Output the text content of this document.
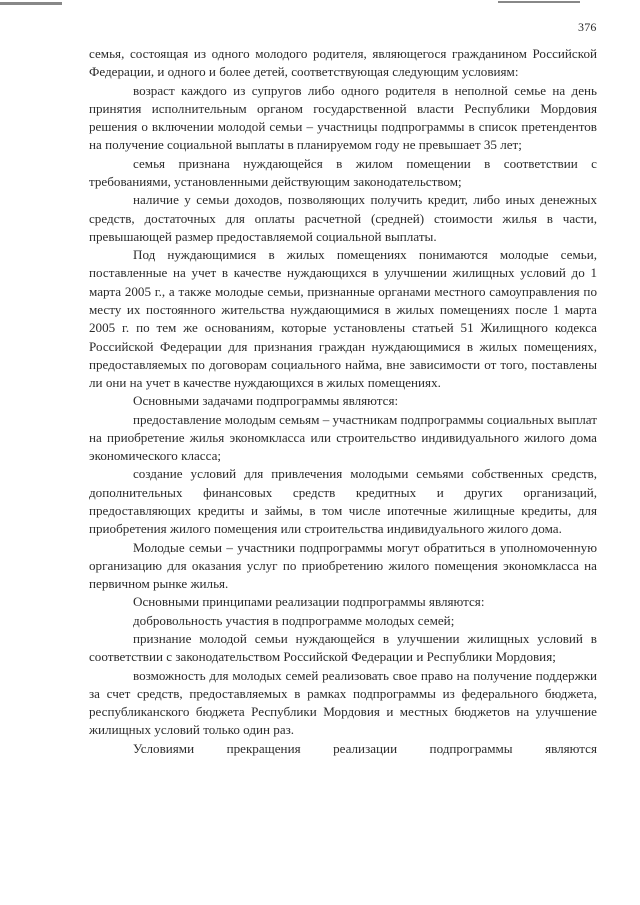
376

семья, состоящая из одного молодого родителя, являющегося гражданином Российской Федерации, и одного и более детей, соответствующая следующим условиям:

возраст каждого из супругов либо одного родителя в неполной семье на день принятия исполнительным органом государственной власти Республики Мордовия решения о включении молодой семьи – участницы подпрограммы в список претендентов на получение социальной выплаты в планируемом году не превышает 35 лет;

семья признана нуждающейся в жилом помещении в соответствии с требованиями, установленными действующим законодательством;

наличие у семьи доходов, позволяющих получить кредит, либо иных денежных средств, достаточных для оплаты расчетной (средней) стоимости жилья в части, превышающей размер предоставляемой социальной выплаты.

Под нуждающимися в жилых помещениях понимаются молодые семьи, поставленные на учет в качестве нуждающихся в улучшении жилищных условий до 1 марта 2005 г., а также молодые семьи, признанные органами местного самоуправления по месту их постоянного жительства нуждающимися в жилых помещениях после 1 марта 2005 г. по тем же основаниям, которые установлены статьей 51 Жилищного кодекса Российской Федерации для признания граждан нуждающимися в жилых помещениях, предоставляемых по договорам социального найма, вне зависимости от того, поставлены ли они на учет в качестве нуждающихся в жилых помещениях.

Основными задачами подпрограммы являются:

предоставление молодым семьям – участникам подпрограммы социальных выплат на приобретение жилья экономкласса или строительство индивидуального жилого дома экономического класса;

создание условий для привлечения молодыми семьями собственных средств, дополнительных финансовых средств кредитных и других организаций, предоставляющих кредиты и займы, в том числе ипотечные жилищные кредиты, для приобретения жилого помещения или строительства индивидуального жилого дома.

Молодые семьи – участники подпрограммы могут обратиться в уполномоченную организацию для оказания услуг по приобретению жилого помещения экономкласса на первичном рынке жилья.

Основными принципами реализации подпрограммы являются:

добровольность участия в подпрограмме молодых семей;

признание молодой семьи нуждающейся в улучшении жилищных условий в соответствии с законодательством Российской Федерации и Республики Мордовия;

возможность для молодых семей реализовать свое право на получение поддержки за счет средств, предоставляемых в рамках подпрограммы из федерального бюджета, республиканского бюджета Республики Мордовия и местных бюджетов на улучшение жилищных условий только один раз.

Условиями прекращения реализации подпрограммы являются
